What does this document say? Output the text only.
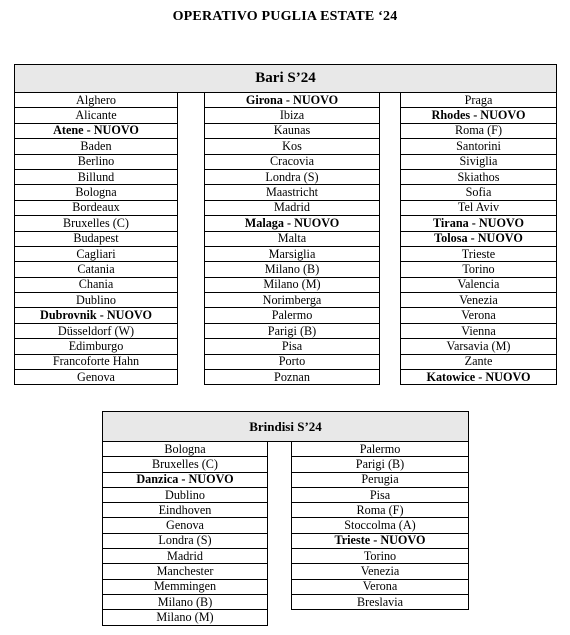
OPERATIVO PUGLIA ESTATE ‘24
Bari S’24
Alghero
Alicante
Atene - NUOVO
Baden
Berlino
Billund
Bologna
Bordeaux
Bruxelles (C)
Budapest
Cagliari
Catania
Chania
Dublino
Dubrovnik - NUOVO
Düsseldorf (W)
Edimburgo
Francoforte Hahn
Genova
Girona - NUOVO
Ibiza
Kaunas
Kos
Cracovia
Londra (S)
Maastricht
Madrid
Malaga - NUOVO
Malta
Marsiglia
Milano (B)
Milano (M)
Norimberga
Palermo
Parigi (B)
Pisa
Porto
Poznan
Praga
Rhodes - NUOVO
Roma (F)
Santorini
Siviglia
Skiathos
Sofia
Tel Aviv
Tirana - NUOVO
Tolosa - NUOVO
Trieste
Torino
Valencia
Venezia
Verona
Vienna
Varsavia (M)
Zante
Katowice - NUOVO
Brindisi S’24
Bologna
Bruxelles (C)
Danzica - NUOVO
Dublino
Eindhoven
Genova
Londra (S)
Madrid
Manchester
Memmingen
Milano (B)
Milano (M)
Palermo
Parigi (B)
Perugia
Pisa
Roma (F)
Stoccolma (A)
Trieste - NUOVO
Torino
Venezia
Verona
Breslavia
